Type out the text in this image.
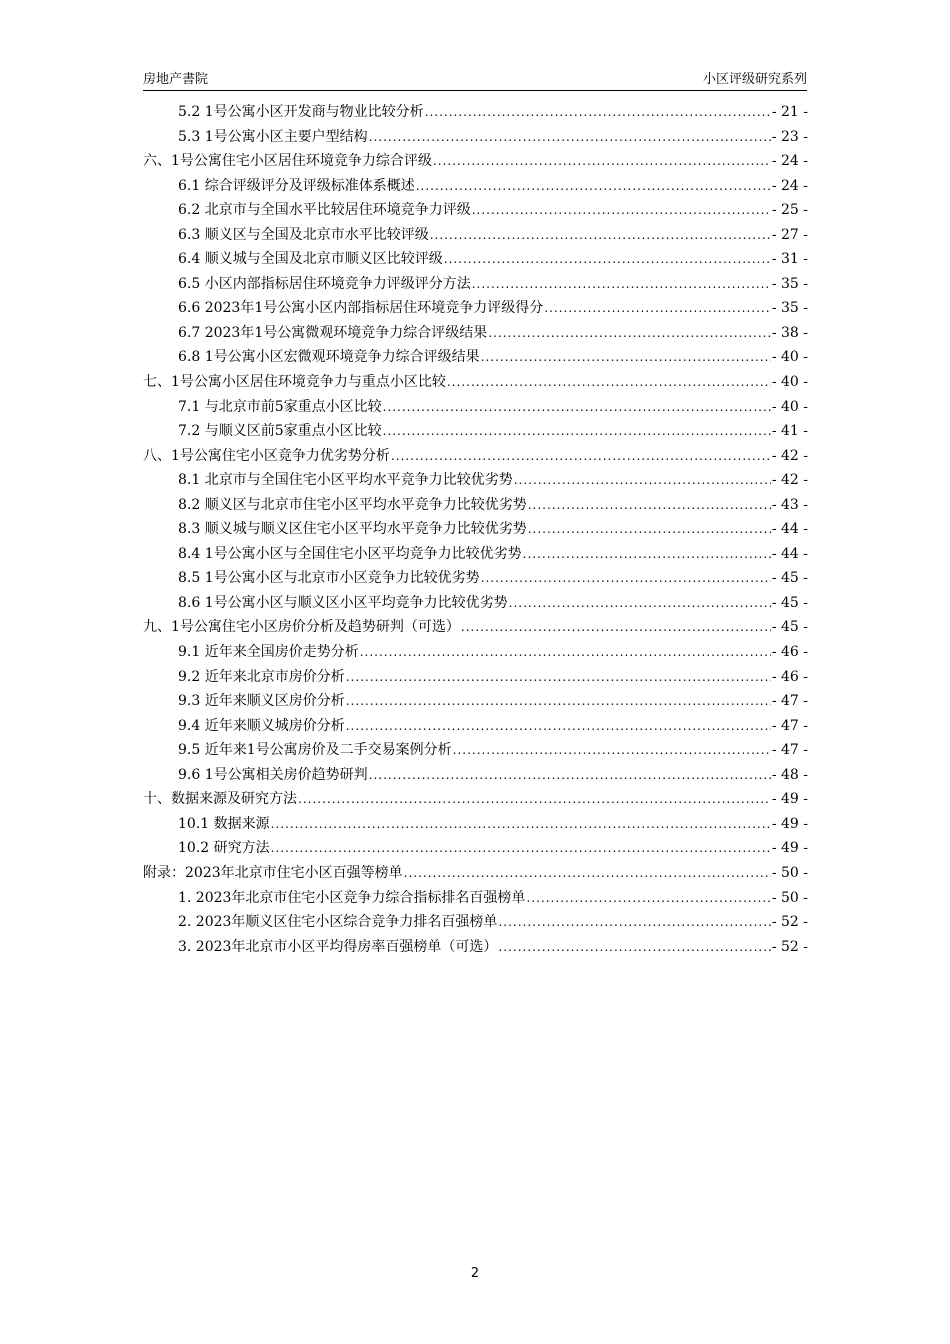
房地产書院	小区评级研究系列
5.2 1号公寓小区开发商与物业比较分析 .....	- 21 -
5.3 1号公寓小区主要户型结构 .....	- 23 -
六、1号公寓住宅小区居住环境竞争力综合评级 .....	- 24 -
6.1 综合评级评分及评级标准体系概述 .....	- 24 -
6.2 北京市与全国水平比较居住环境竞争力评级 .....	- 25 -
6.3 顺义区与全国及北京市水平比较评级 .....	- 27 -
6.4 顺义城与全国及北京市顺义区比较评级 .....	- 31 -
6.5 小区内部指标居住环境竞争力评级评分方法 .....	- 35 -
6.6 2023年1号公寓小区内部指标居住环境竞争力评级得分 .....	- 35 -
6.7 2023年1号公寓微观环境竞争力综合评级结果 .....	- 38 -
6.8 1号公寓小区宏微观环境竞争力综合评级结果 .....	- 40 -
七、1号公寓小区居住环境竞争力与重点小区比较 .....	- 40 -
7.1 与北京市前5家重点小区比较 .....	- 40 -
7.2 与顺义区前5家重点小区比较 .....	- 41 -
八、1号公寓住宅小区竞争力优劣势分析 .....	- 42 -
8.1 北京市与全国住宅小区平均水平竞争力比较优劣势 .....	- 42 -
8.2 顺义区与北京市住宅小区平均水平竞争力比较优劣势 .....	- 43 -
8.3 顺义城与顺义区住宅小区平均水平竞争力比较优劣势 .....	- 44 -
8.4 1号公寓小区与全国住宅小区平均竞争力比较优劣势 .....	- 44 -
8.5 1号公寓小区与北京市小区竞争力比较优劣势 .....	- 45 -
8.6 1号公寓小区与顺义区小区平均竞争力比较优劣势 .....	- 45 -
九、1号公寓住宅小区房价分析及趋势研判（可选） .....	- 45 -
9.1 近年来全国房价走势分析 .....	- 46 -
9.2 近年来北京市房价分析 .....	- 46 -
9.3 近年来顺义区房价分析 .....	- 47 -
9.4 近年来顺义城房价分析 .....	- 47 -
9.5 近年来1号公寓房价及二手交易案例分析 .....	- 47 -
9.6 1号公寓相关房价趋势研判 .....	- 48 -
十、数据来源及研究方法 .....	- 49 -
10.1 数据来源 .....	- 49 -
10.2 研究方法 .....	- 49 -
附录：2023年北京市住宅小区百强等榜单 .....	- 50 -
1. 2023年北京市住宅小区竞争力综合指标排名百强榜单 .....	- 50 -
2. 2023年顺义区住宅小区综合竞争力排名百强榜单 .....	- 52 -
3. 2023年北京市小区平均得房率百强榜单（可选） .....	- 52 -
2
